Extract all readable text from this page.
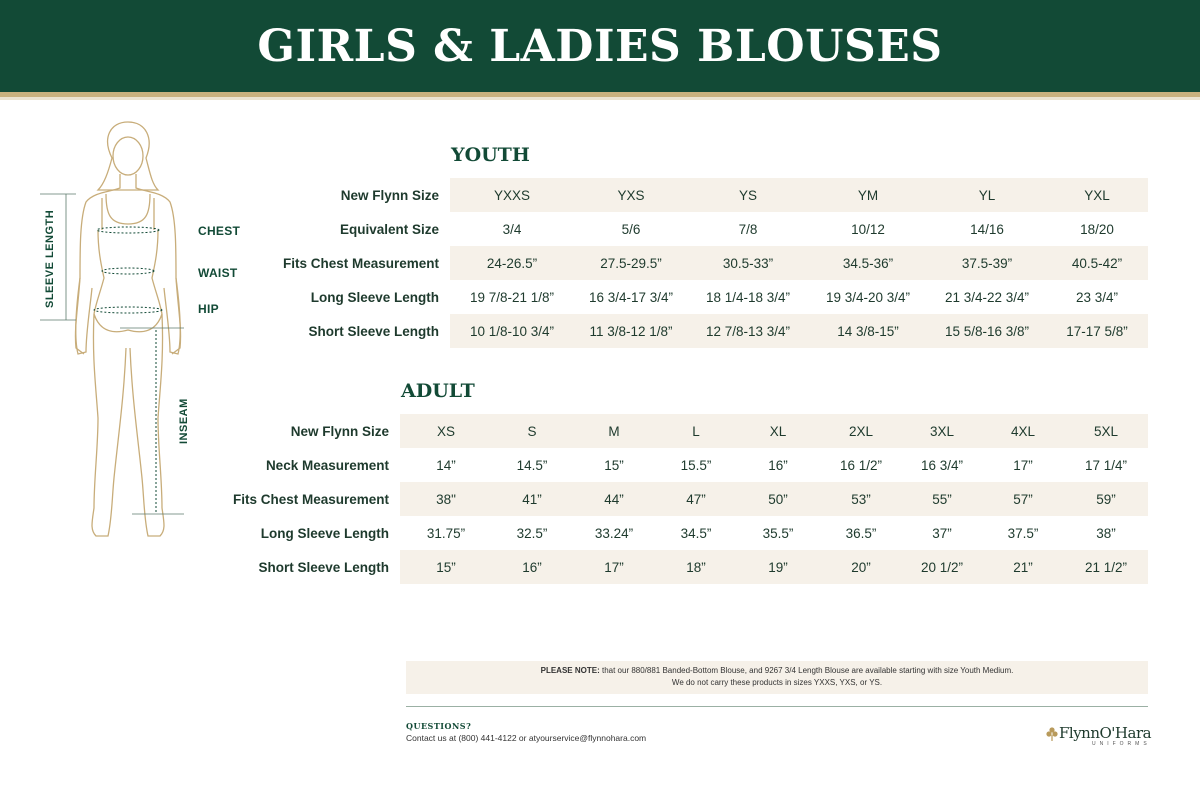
GIRLS & LADIES BLOUSES
CHEST
WAIST
HIP
SLEEVE LENGTH
INSEAM
YOUTH
New Flynn Size	YXXS	YXS	YS	YM	YL	YXL
Equivalent Size	3/4	5/6	7/8	10/12	14/16	18/20
Fits Chest Measurement	24-26.5”	27.5-29.5”	30.5-33”	34.5-36”	37.5-39”	40.5-42”
Long Sleeve Length	19 7/8-21 1/8”	16 3/4-17 3/4”	18 1/4-18 3/4”	19 3/4-20 3/4”	21 3/4-22 3/4”	23 3/4”
Short Sleeve Length	10 1/8-10 3/4”	11 3/8-12 1/8”	12 7/8-13 3/4”	14 3/8-15”	15 5/8-16 3/8”	17-17 5/8”
ADULT
New Flynn Size	XS	S	M	L	XL	2XL	3XL	4XL	5XL
Neck Measurement	14”	14.5”	15”	15.5”	16”	16 1/2”	16 3/4”	17”	17 1/4”
Fits Chest Measurement	38"	41”	44”	47”	50”	53”	55”	57”	59”
Long Sleeve Length	31.75”	32.5”	33.24”	34.5”	35.5”	36.5”	37”	37.5”	38”
Short Sleeve Length	15”	16”	17”	18”	19”	20”	20 1/2”	21”	21 1/2”
PLEASE NOTE: that our 880/881 Banded-Bottom Blouse, and 9267 3/4 Length Blouse are available starting with size Youth Medium.
We do not carry these products in sizes YXXS, YXS, or YS.
QUESTIONS?
Contact us at (800) 441-4122 or atyourservice@flynnohara.com	FlynnO'Hara
UNIFORMS
